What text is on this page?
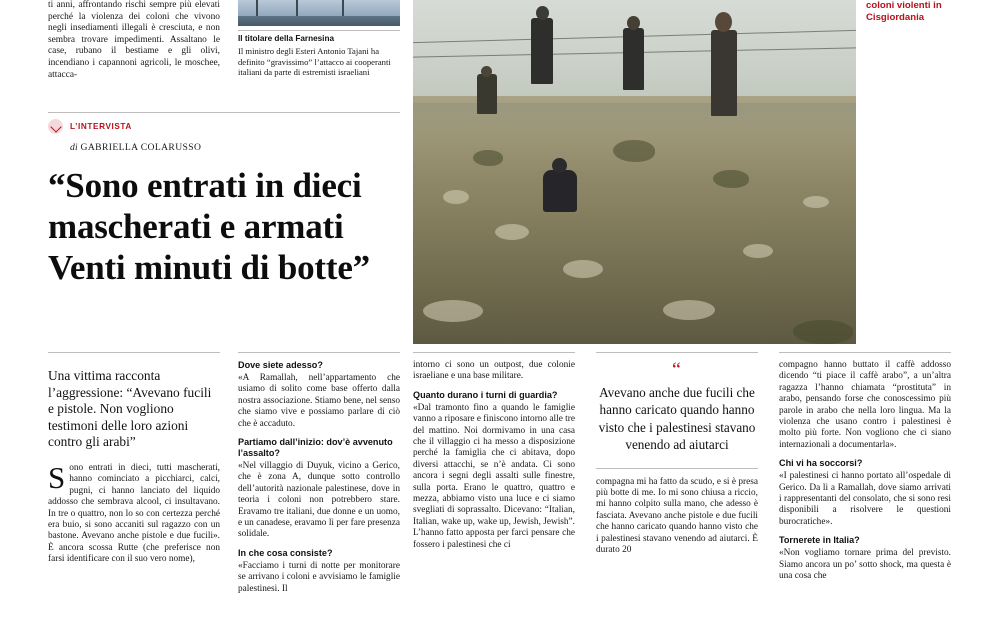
ti anni, affrontando rischi sempre più elevati perché la violenza dei coloni che vivono negli insediamenti illegali è cresciuta, e non sembra trovare impedimenti. Assaltano le case, rubano il bestiame e gli olivi, incendiano i capannoni agricoli, le moschee, attacca-

Il titolare della Farnesina

Il ministro degli Esteri Antonio Tajani ha definito “gravissimo” l’attacco ai cooperanti italiani da parte di estremisti israeliani

coloni violenti in Cisgiordania

L’INTERVISTA
di GABRIELLA COLARUSSO
“Sono entrati in dieci
mascherati e armati
Venti minuti di botte”

Una vittima racconta l’aggressione: “Avevano fucili e pistole. Non vogliono testimoni delle loro azioni contro gli arabi”

S ono entrati in dieci, tutti mascherati, hanno cominciato a picchiarci, calci, pugni, ci hanno lanciato del liquido addosso che sembrava alcool, ci insultavano. In tre o quattro, non lo so con certezza perché era buio, si sono accaniti sul ragazzo con un bastone. Avevano anche pistole e due fucili». È ancora scossa Rutte (che preferisce non farsi identificare con il suo vero nome),

Dove siete adesso?

«A Ramallah, nell’appartamento che usiamo di solito come base offerto dalla nostra associazione. Stiamo bene, nel senso che siamo vive e possiamo parlare di ciò che è accaduto.

Partiamo dall’inizio: dov’è avvenuto l’assalto?

«Nel villaggio di Duyuk, vicino a Gerico, che è zona A, dunque sotto controllo dell’autorità nazionale palestinese, dove in teoria i coloni non potrebbero stare. Eravamo tre italiani, due donne e un uomo, e un canadese, eravamo lì per fare presenza solidale.

In che cosa consiste?

«Facciamo i turni di notte per monitorare se arrivano i coloni e avvisiamo le famiglie palestinesi. Il
intorno ci sono un outpost, due colonie israeliane e una base militare.

Quanto durano i turni di guardia?

«Dal tramonto fino a quando le famiglie vanno a riposare e finiscono intorno alle tre del mattino. Noi dormivamo in una casa che il villaggio ci ha messo a disposizione perché la famiglia che ci abitava, dopo diversi attacchi, se n’è andata. Ci sono ancora i segni degli assalti sulle finestre, sulla porta. Erano le quattro, quattro e mezza, abbiamo visto una luce e ci siamo svegliati di soprassalto. Dicevano: “Italian, Italian, wake up, wake up, Jewish, Jewish”. L’hanno fatto apposta per farci pensare che fossero i palestinesi che ci

“

Avevano anche due fucili che hanno caricato quando hanno visto che i palestinesi stavano venendo ad aiutarci

compagna mi ha fatto da scudo, e si è presa più botte di me. Io mi sono chiusa a riccio, mi hanno colpito sulla mano, che adesso è fasciata. Avevano anche pistole e due fucili che hanno caricato quando hanno visto che i palestinesi stavano venendo ad aiutarci. È durato 20
compagno hanno buttato il caffè addosso dicendo “ti piace il caffè arabo”, a un’altra ragazza l’hanno chiamata “prostituta” in arabo, pensando forse che conoscessimo più parole in arabo che nella loro lingua. Ma la violenza che usano contro i palestinesi è molto più forte. Non vogliono che ci siano internazionali a documentarla».

Chi vi ha soccorsi?

«I palestinesi ci hanno portato all’ospedale di Gerico. Da lì a Ramallah, dove siamo arrivati i rappresentanti del consolato, che si sono resi disponibili a risolvere le questioni burocratiche».

Tornerete in Italia?

«Non vogliamo tornare prima del previsto. Siamo ancora un po’ sotto shock, ma questa è una cosa che
